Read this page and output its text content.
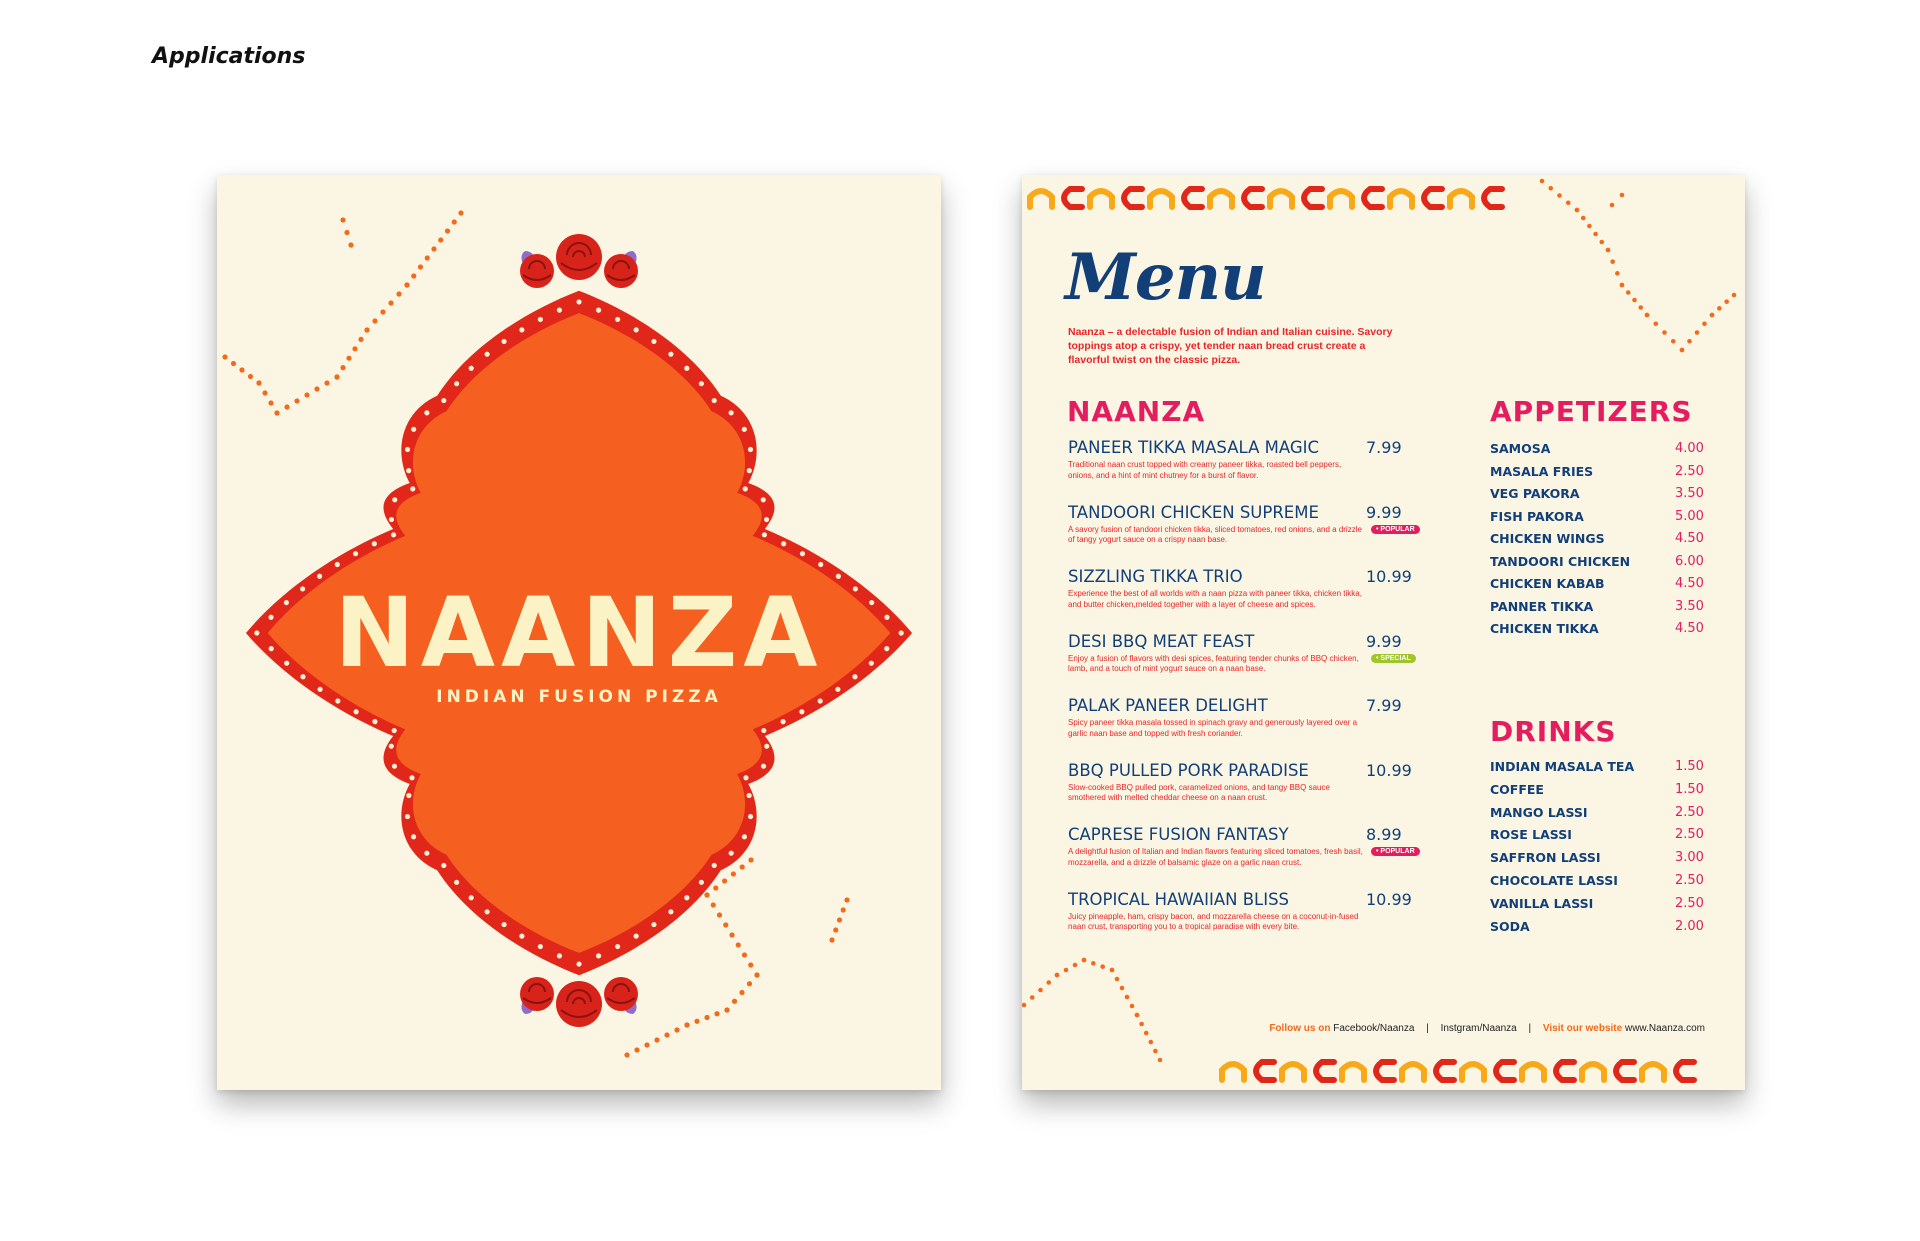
Applications
NAANZA
INDIAN FUSION PIZZA
Menu
Naanza – a delectable fusion of Indian and Italian cuisine. Savory toppings atop a crispy, yet tender naan bread crust create a flavorful twist on the classic pizza.
NAANZA
PANEER TIKKA MASALA MAGIC	7.99
Traditional naan crust topped with creamy paneer tikka, roasted bell peppers, onions, and a hint of mint chutney for a burst of flavor.
TANDOORI CHICKEN SUPREME	9.99
A savory fusion of tandoori chicken tikka, sliced tomatoes, red onions, and a drizzle of tangy yogurt sauce on a crispy naan base.
• POPULAR
SIZZLING TIKKA TRIO	10.99
Experience the best of all worlds with a naan pizza with paneer tikka, chicken tikka, and butter chicken,melded together with a layer of cheese and spices.
DESI BBQ MEAT FEAST	9.99
Enjoy a fusion of flavors with desi spices, featuring tender chunks of BBQ chicken, lamb, and a touch of mint yogurt sauce on a naan base.
• SPECIAL
PALAK PANEER DELIGHT	7.99
Spicy paneer tikka masala tossed in spinach gravy and generously layered over a garlic naan base and topped with fresh coriander.
BBQ PULLED PORK PARADISE	10.99
Slow-cooked BBQ pulled pork, caramelized onions, and tangy BBQ sauce smothered with melted cheddar cheese on a naan crust.
CAPRESE FUSION FANTASY	8.99
A delightful fusion of Italian and Indian flavors featuring sliced tomatoes, fresh basil, mozzarella, and a drizzle of balsamic glaze on a garlic naan crust.
• POPULAR
TROPICAL HAWAIIAN BLISS	10.99
Juicy pineapple, ham, crispy bacon, and mozzarella cheese on a coconut-in-fused naan crust, transporting you to a tropical paradise with every bite.
APPETIZERS
SAMOSA	4.00
MASALA FRIES	2.50
VEG PAKORA	3.50
FISH PAKORA	5.00
CHICKEN WINGS	4.50
TANDOORI CHICKEN	6.00
CHICKEN KABAB	4.50
PANNER TIKKA	3.50
CHICKEN TIKKA	4.50
DRINKS
INDIAN MASALA TEA	1.50
COFFEE	1.50
MANGO LASSI	2.50
ROSE LASSI	2.50
SAFFRON LASSI	3.00
CHOCOLATE LASSI	2.50
VANILLA LASSI	2.50
SODA	2.00
Follow us on Facebook/Naanza | Instgram/Naanza | Visit our website www.Naanza.com
